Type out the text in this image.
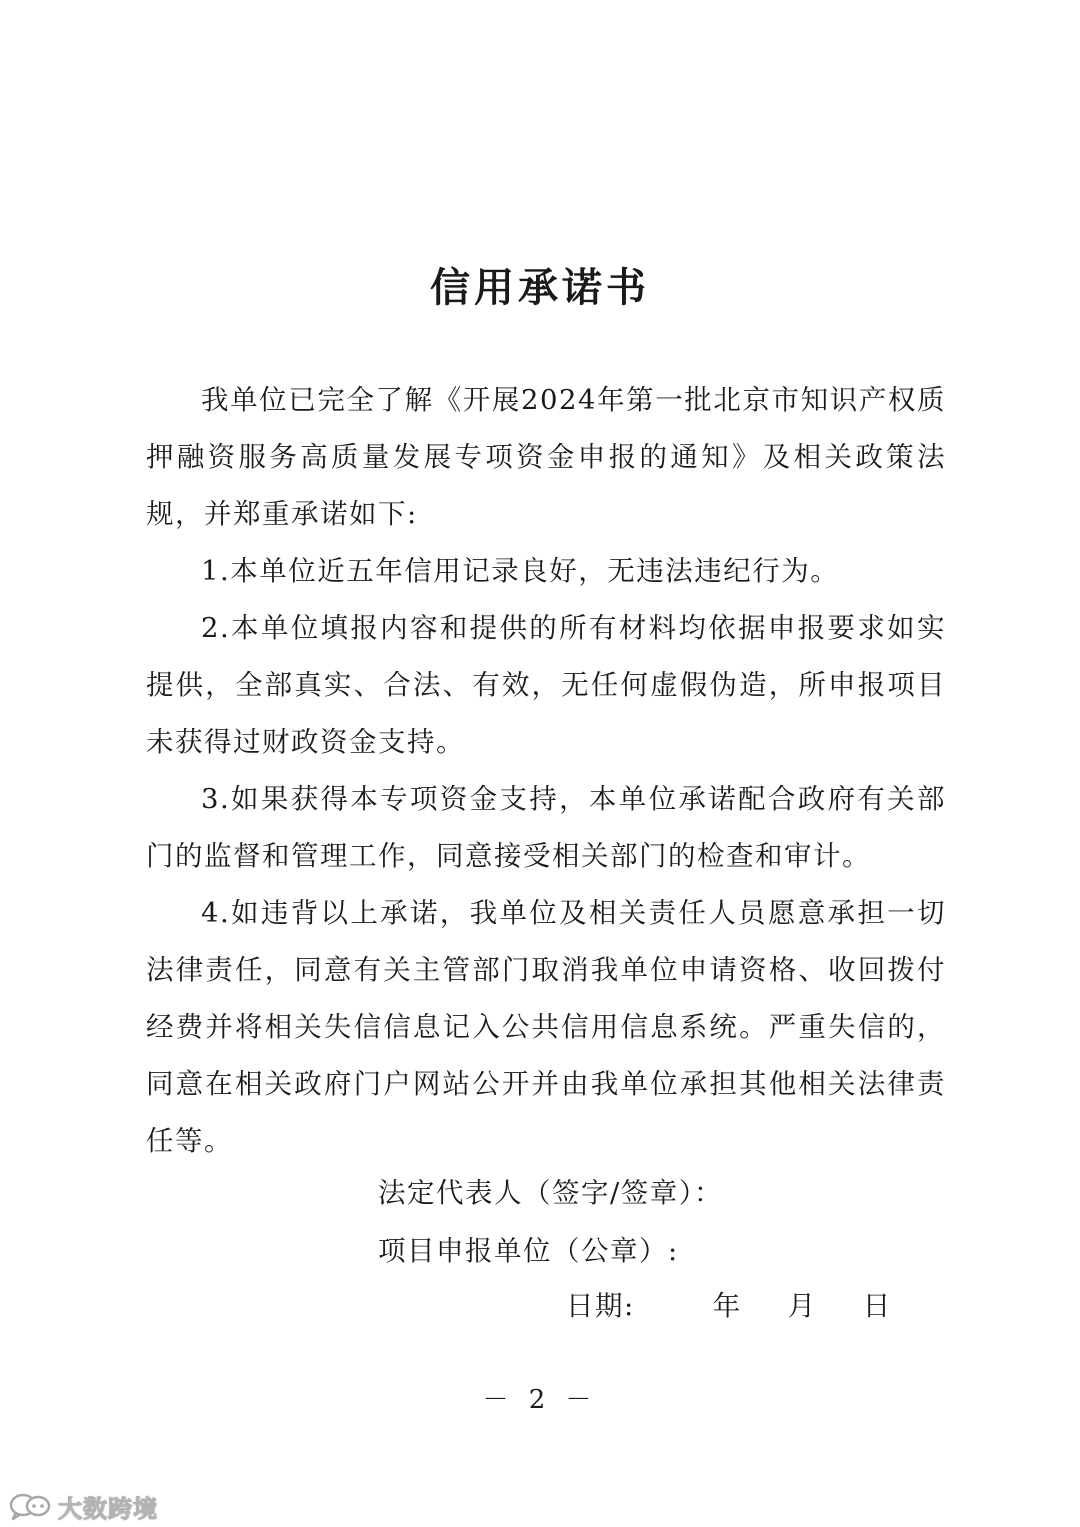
信用承诺书

我单位已完全了解《开展2024年第一批北京市知识产权质押融资服务高质量发展专项资金申报的通知》及相关政策法规，并郑重承诺如下:

1.本单位近五年信用记录良好，无违法违纪行为。

2.本单位填报内容和提供的所有材料均依据申报要求如实提供，全部真实、合法、有效，无任何虚假伪造，所申报项目未获得过财政资金支持。

3.如果获得本专项资金支持，本单位承诺配合政府有关部门的监督和管理工作，同意接受相关部门的检查和审计。

4.如违背以上承诺，我单位及相关责任人员愿意承担一切法律责任，同意有关主管部门取消我单位申请资格、收回拨付经费并将相关失信信息记入公共信用信息系统。严重失信的，同意在相关政府门户网站公开并由我单位承担其他相关法律责任等。

法定代表人（签字/签章）：

项目申报单位（公章）:

日期:	年 月 日
－ 2 －
大数跨境
